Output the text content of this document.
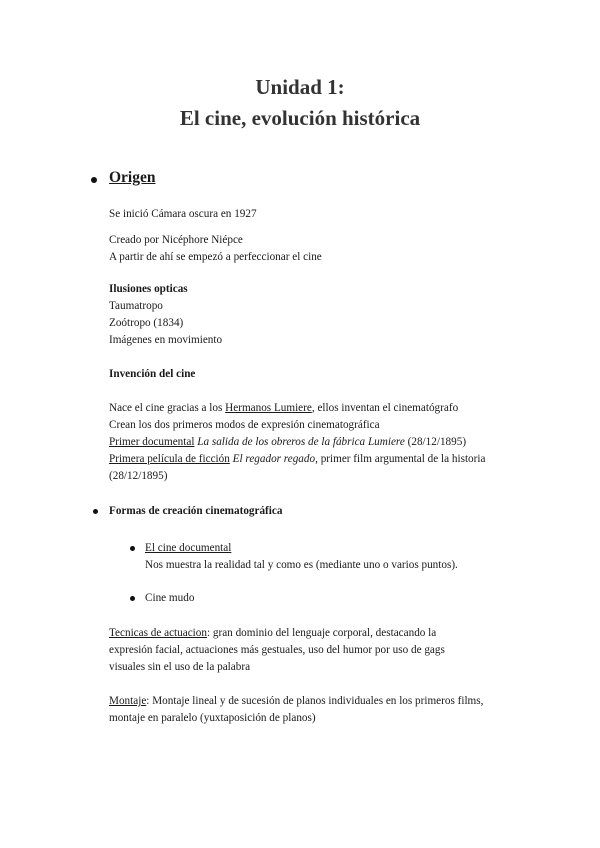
Unidad 1:
El cine, evolución histórica
Origen
Se inició Cámara oscura en 1927
Creado por Nicéphore Niépce
A partir de ahí se empezó a perfeccionar el cine
Ilusiones opticas
Taumatropo
Zoótropo (1834)
Imágenes en movimiento
Invención del cine
Nace el cine gracias a los Hermanos Lumiere, ellos inventan el cinematógrafo
Crean los dos primeros modos de expresión cinematográfica
Primer documental La salida de los obreros de la fábrica Lumiere (28/12/1895)
Primera película de ficción El regador regado, primer film argumental de la historia
(28/12/1895)
Formas de creación cinematográfica
El cine documental
Nos muestra la realidad tal y como es (mediante uno o varios puntos).
Cine mudo
Tecnicas de actuacion: gran dominio del lenguaje corporal, destacando la
expresión facial, actuaciones más gestuales, uso del humor por uso de gags
visuales sin el uso de la palabra
Montaje: Montaje lineal y de sucesión de planos individuales en los primeros films,
montaje en paralelo (yuxtaposición de planos)
